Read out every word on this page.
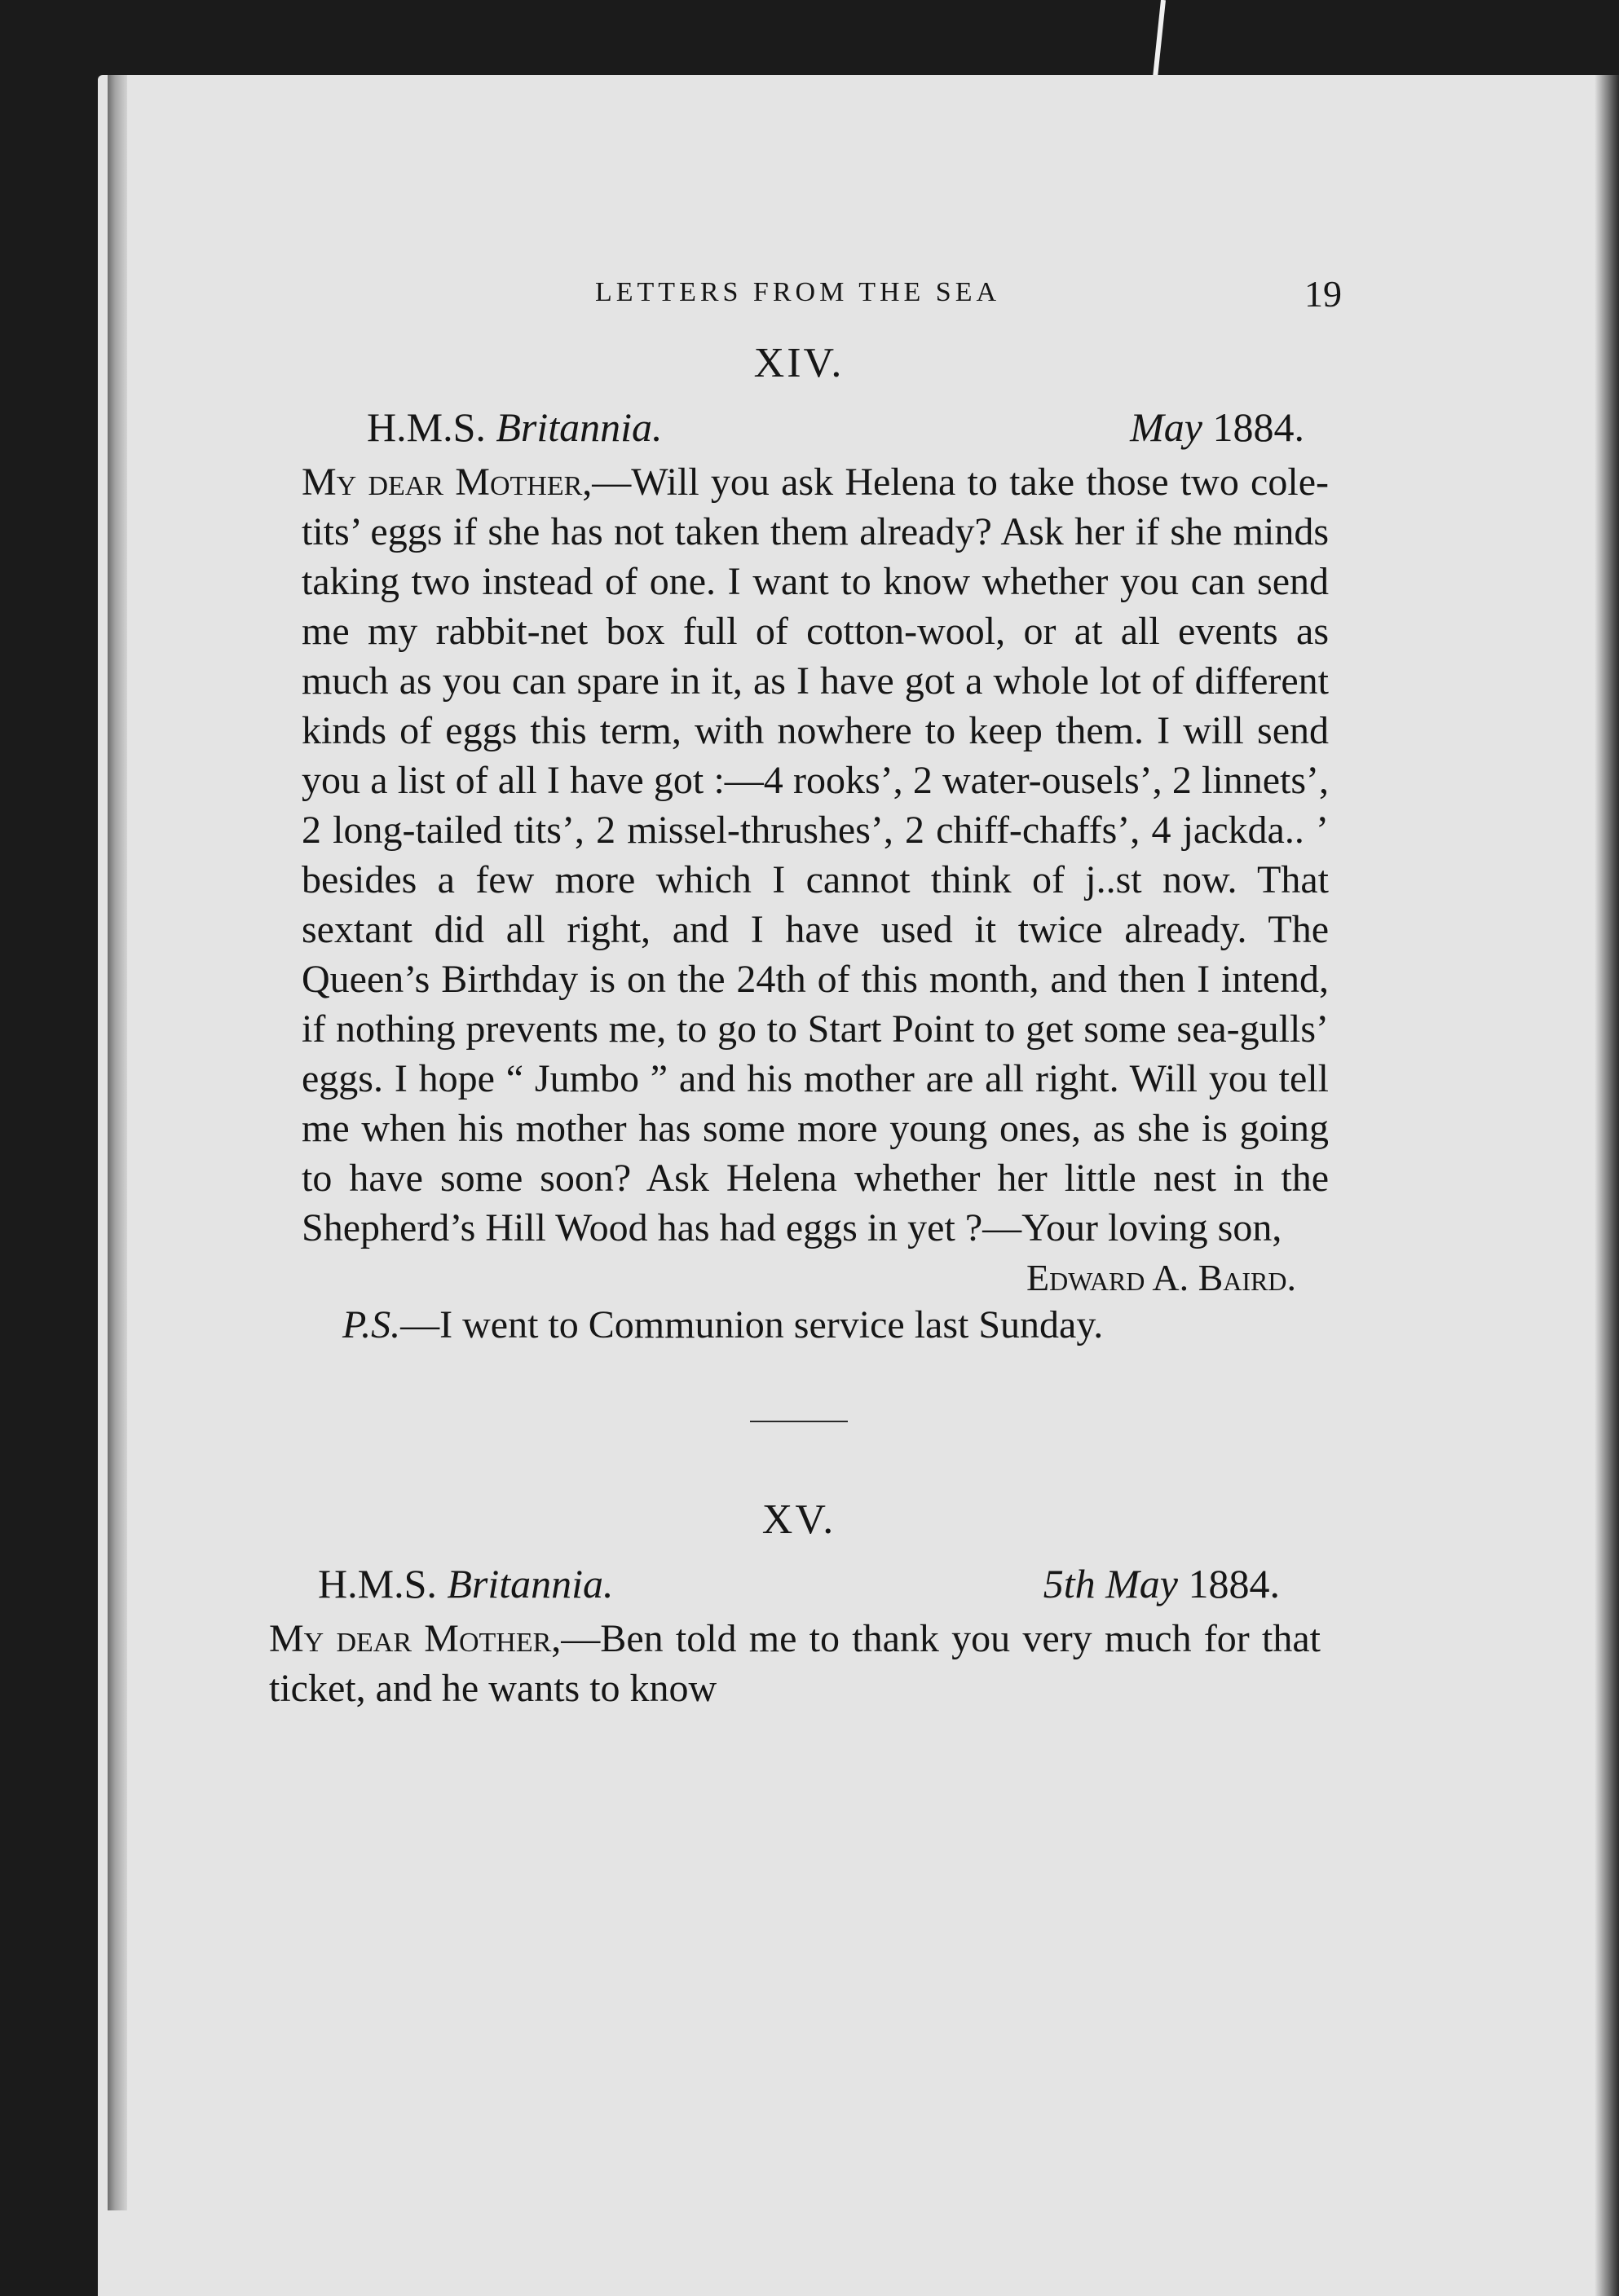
LETTERS FROM THE SEA	19
XIV.
H.M.S. Britannia.	May 1884.

My dear Mother,—Will you ask Helena to take those two cole-tits’ eggs if she has not taken them already? Ask her if she minds taking two instead of one. I want to know whether you can send me my rabbit-net box full of cotton-wool, or at all events as much as you can spare in it, as I have got a whole lot of different kinds of eggs this term, with nowhere to keep them. I will send you a list of all I have got :—4 rooks’, 2 water-ousels’, 2 linnets’, 2 long-tailed tits’, 2 missel-thrushes’, 2 chiff-chaffs’, 4 jackda.. ’ besides a few more which I cannot think of j..st now. That sextant did all right, and I have used it twice already. The Queen’s Birthday is on the 24th of this month, and then I intend, if nothing prevents me, to go to Start Point to get some sea-gulls’ eggs. I hope “ Jumbo ” and his mother are all right. Will you tell me when his mother has some more young ones, as she is going to have some soon? Ask Helena whether her little nest in the Shepherd’s Hill Wood has had eggs in yet ?—Your loving son,

Edward A. Baird.
P.S.—I went to Communion service last Sunday.
XV.
H.M.S. Britannia.	5th May 1884.

My dear Mother,—Ben told me to thank you very much for that ticket, and he wants to know
